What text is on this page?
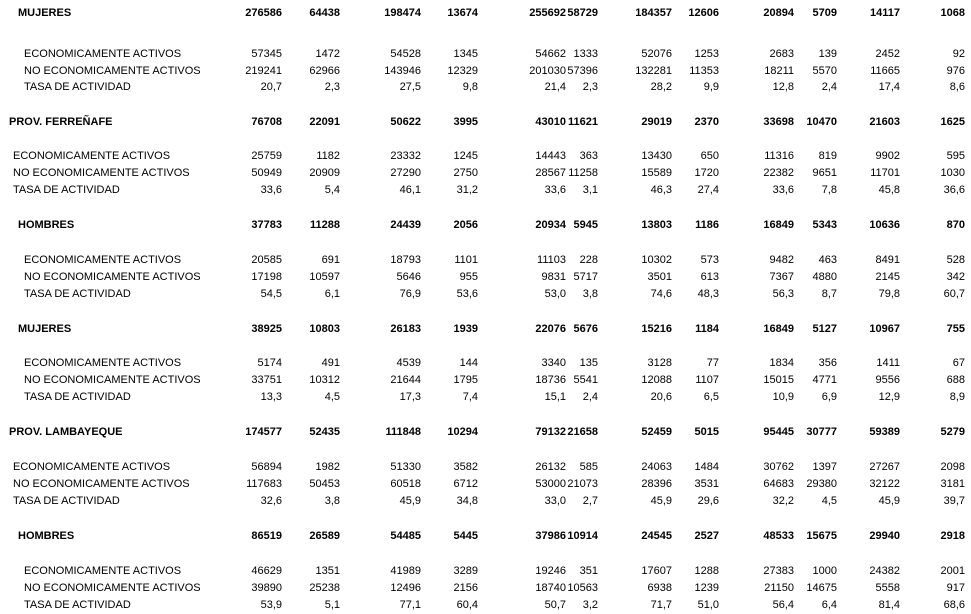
MUJERES	276586	64438	198474	13674	255692 58729	184357	12606	20894	5709	14117	1068
ECONOMICAMENTE ACTIVOS	57345	1472	54528	1345	54662 1333	52076	1253	2683	139	2452	92
NO ECONOMICAMENTE ACTIVOS	219241	62966	143946	12329	201030 57396	132281	11353	18211	5570	11665	976
TASA DE ACTIVIDAD	20,7	2,3	27,5	9,8	21,4	2,3	28,2	9,9	12,8	2,4	17,4	8,6
PROV. FERREÑAFE	76708	22091	50622	3995	43010 11621	29019	2370	33698	10470	21603	1625
ECONOMICAMENTE ACTIVOS	25759	1182	23332	1245	14443	363	13430	650	11316	819	9902	595
NO ECONOMICAMENTE ACTIVOS	50949	20909	27290	2750	28567 11258	15589	1720	22382	9651	11701	1030
TASA DE ACTIVIDAD	33,6	5,4	46,1	31,2	33,6	3,1	46,3	27,4	33,6	7,8	45,8	36,6
HOMBRES	37783	11288	24439	2056	20934 5945	13803	1186	16849	5343	10636	870
ECONOMICAMENTE ACTIVOS	20585	691	18793	1101	11103	228	10302	573	9482	463	8491	528
NO ECONOMICAMENTE ACTIVOS	17198	10597	5646	955	9831 5717	3501	613	7367	4880	2145	342
TASA DE ACTIVIDAD	54,5	6,1	76,9	53,6	53,0	3,8	74,6	48,3	56,3	8,7	79,8	60,7
MUJERES	38925	10803	26183	1939	22076 5676	15216	1184	16849	5127	10967	755
ECONOMICAMENTE ACTIVOS	5174	491	4539	144	3340	135	3128	77	1834	356	1411	67
NO ECONOMICAMENTE ACTIVOS	33751	10312	21644	1795	18736 5541	12088	1107	15015	4771	9556	688
TASA DE ACTIVIDAD	13,3	4,5	17,3	7,4	15,1	2,4	20,6	6,5	10,9	6,9	12,9	8,9
PROV. LAMBAYEQUE	174577	52435	111848	10294	79132 21658	52459	5015	95445	30777	59389	5279
ECONOMICAMENTE ACTIVOS	56894	1982	51330	3582	26132	585	24063	1484	30762	1397	27267	2098
NO ECONOMICAMENTE ACTIVOS	117683	50453	60518	6712	53000 21073	28396	3531	64683	29380	32122	3181
TASA DE ACTIVIDAD	32,6	3,8	45,9	34,8	33,0	2,7	45,9	29,6	32,2	4,5	45,9	39,7
HOMBRES	86519	26589	54485	5445	37986 10914	24545	2527	48533	15675	29940	2918
ECONOMICAMENTE ACTIVOS	46629	1351	41989	3289	19246	351	17607	1288	27383	1000	24382	2001
NO ECONOMICAMENTE ACTIVOS	39890	25238	12496	2156	18740 10563	6938	1239	21150	14675	5558	917
TASA DE ACTIVIDAD	53,9	5,1	77,1	60,4	50,7	3,2	71,7	51,0	56,4	6,4	81,4	68,6
